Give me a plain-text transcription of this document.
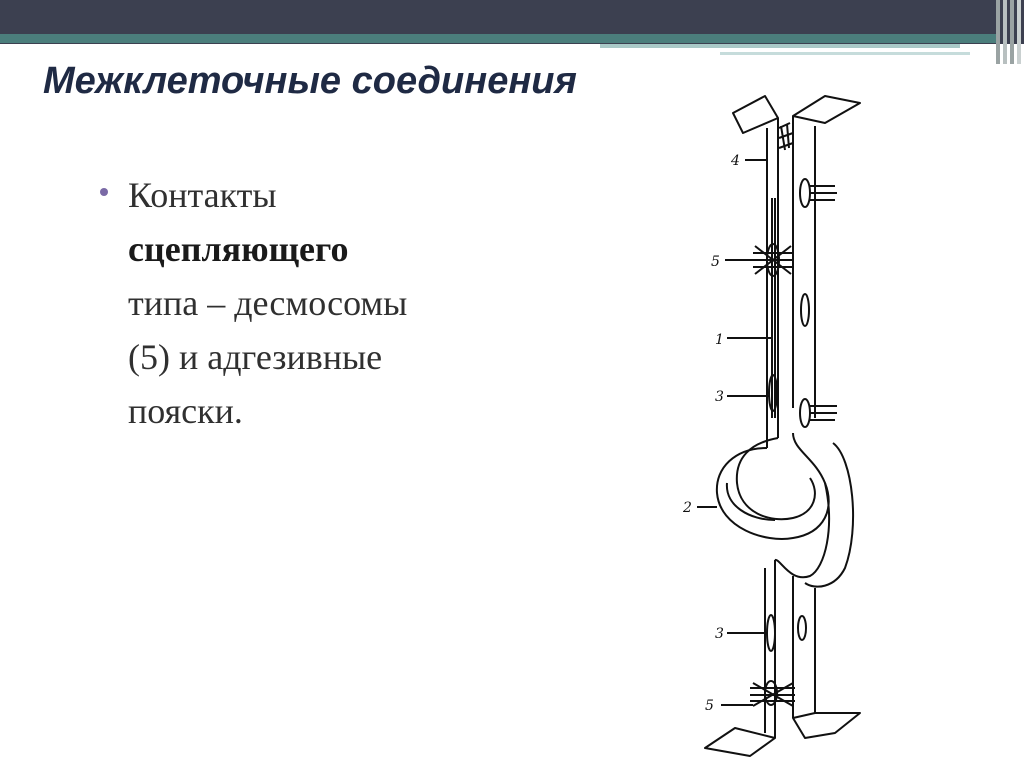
Межклеточные соединения
Контакты
сцепляющего
типа – десмосомы
(5) и адгезивные
пояски.
4
5
1
3
2
3
5
